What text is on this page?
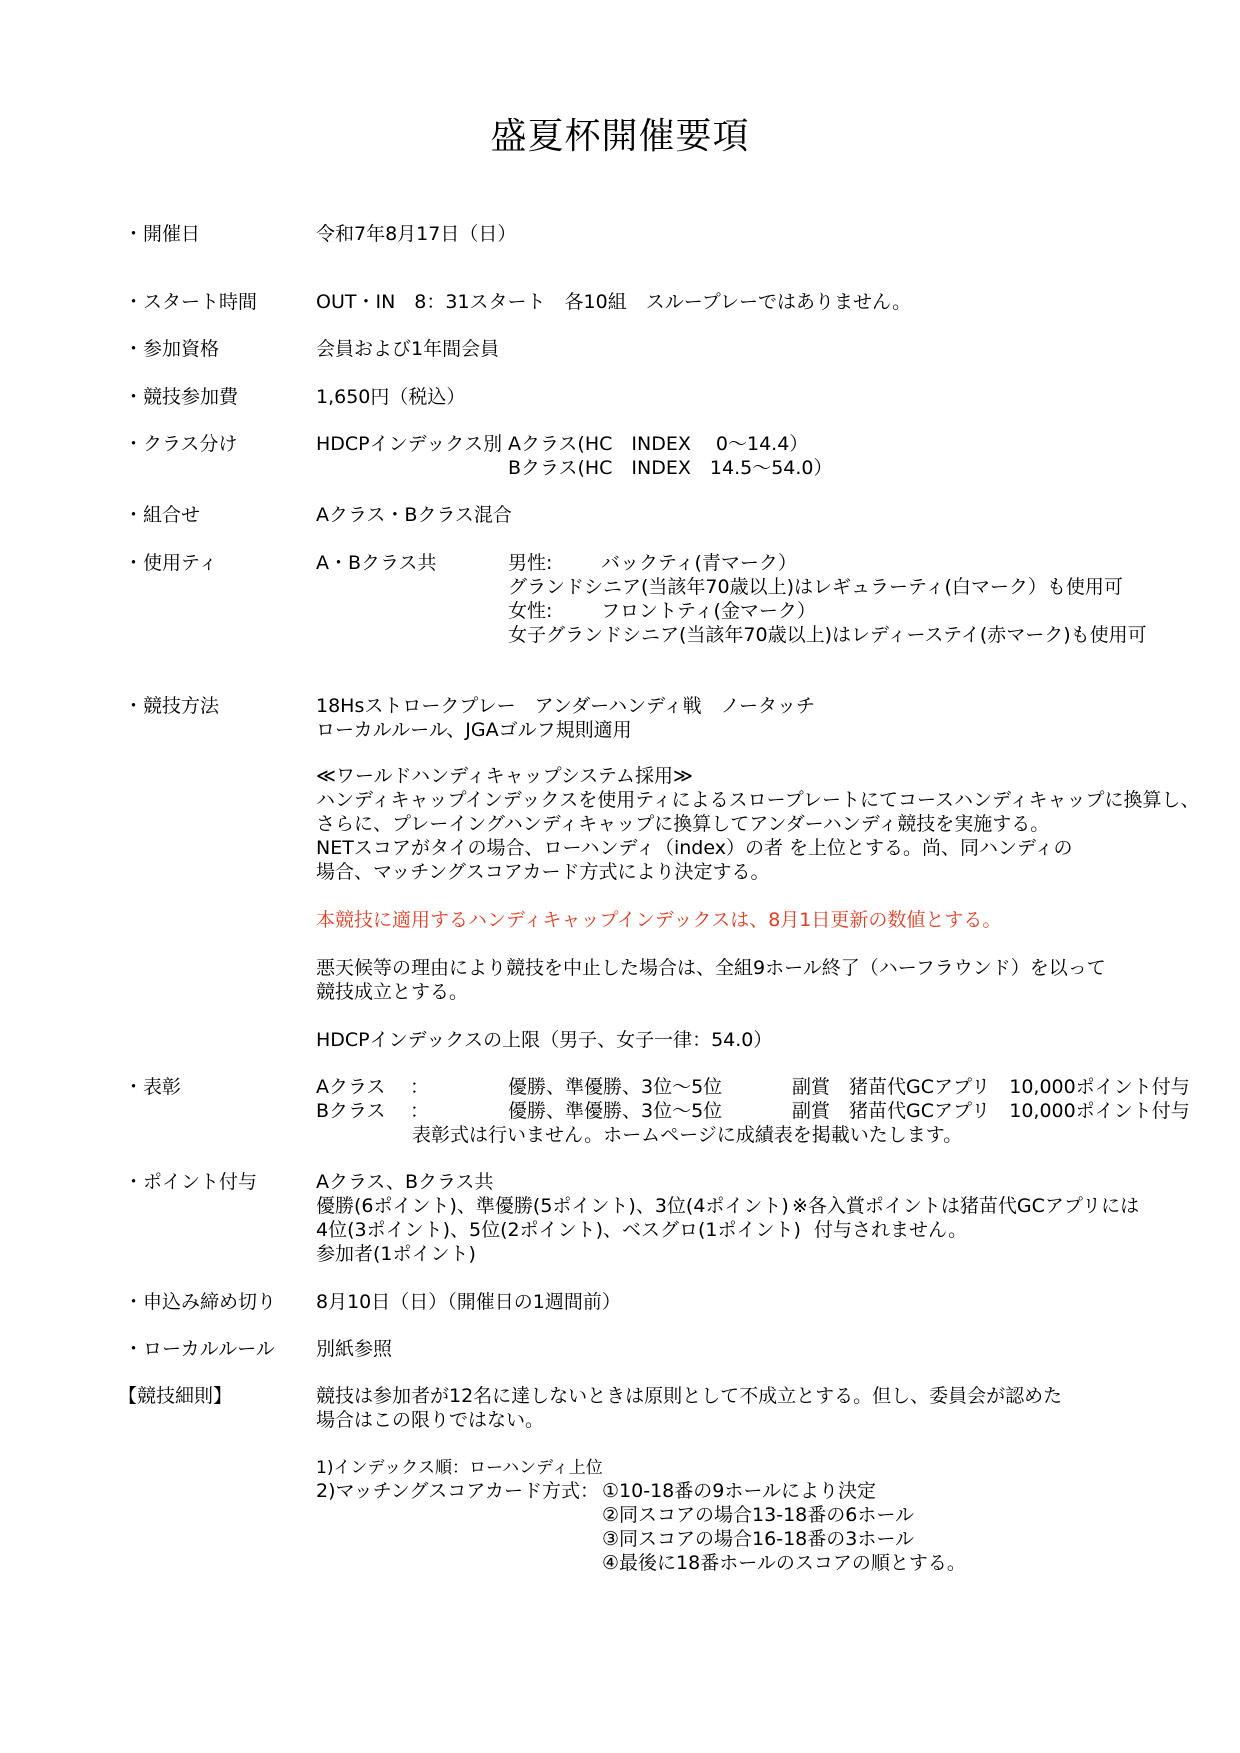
盛夏杯開催要項
・開催日	令和7年8月17日（日）
・スタート時間	OUT・IN　8：31スタート　各10組　スループレーではありません。
・参加資格	会員および1年間会員
・競技参加費	1,650円（税込）
・クラス分け	HDCPインデックス別 Aクラス(HC　INDEX　 0～14.4）
Bクラス(HC　INDEX　14.5～54.0）
・組合せ	Aクラス・Bクラス混合
・使用ティ	A・Bクラス共	男性:	バックティ(青マーク）
グランドシニア(当該年70歳以上)はレギュラーティ(白マーク）も使用可
女性:	フロントティ(金マーク）
女子グランドシニア(当該年70歳以上)はレディーステイ(赤マーク)も使用可
・競技方法	18Hsストロークプレー　アンダーハンディ戦　ノータッチ
ローカルルール、JGAゴルフ規則適用
≪ワールドハンディキャップシステム採用≫
ハンディキャップインデックスを使用ティによるスロープレートにてコースハンディキャップに換算し、
さらに、プレーイングハンディキャップに換算してアンダーハンディ競技を実施する。
NETスコアがタイの場合、ローハンディ（index）の者 を上位とする。尚、同ハンディの
場合、マッチングスコアカード方式により決定する。
本競技に適用するハンディキャップインデックスは、8月1日更新の数値とする。
悪天候等の理由により競技を中止した場合は、全組9ホール終了（ハーフラウンド）を以って
競技成立とする。
HDCPインデックスの上限（男子、女子一律：54.0）
・表彰	Aクラス ：	優勝、準優勝、3位～5位	副賞　猪苗代GCアプリ　10,000ポイント付与
Bクラス ：	優勝、準優勝、3位～5位	副賞　猪苗代GCアプリ　10,000ポイント付与
表彰式は行いません。ホームページに成績表を掲載いたします。
・ポイント付与	Aクラス、Bクラス共
優勝(6ポイント)、準優勝(5ポイント)、3位(4ポイント) ※各入賞ポイントは猪苗代GCアプリには
4位(3ポイント)、5位(2ポイント)、ベスグロ(1ポイント) 付与されません。
参加者(1ポイント)
・申込み締め切り 8月10日（日）（開催日の1週間前）
・ローカルルール 別紙参照
【競技細則】	競技は参加者が12名に達しないときは原則として不成立とする。但し、委員会が認めた
場合はこの限りではない。
1)インデックス順：ローハンディ上位
2)マッチングスコアカード方式： ①10-18番の9ホールにより決定
②同スコアの場合13-18番の6ホール
③同スコアの場合16-18番の3ホール
④最後に18番ホールのスコアの順とする。
